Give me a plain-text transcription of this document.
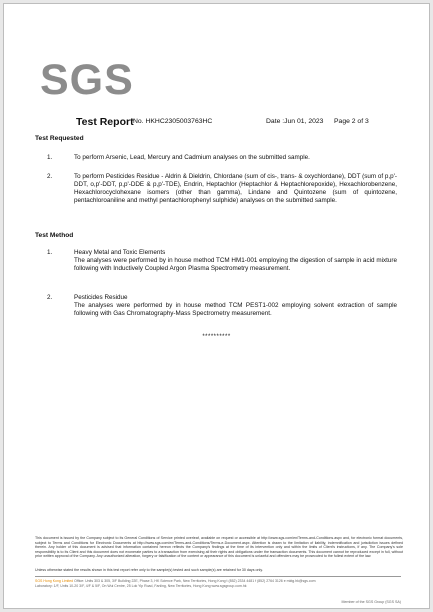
SGS
Test Report No. HKHC2305003763HC	Date :Jun 01, 2023 Page 2 of 3
Test Requested
1.	To perform Arsenic, Lead, Mercury and Cadmium analyses on the submitted sample.
2.	To perform Pesticides Residue - Aldrin & Dieldrin, Chlordane (sum of cis-, trans- & oxychlordane), DDT (sum of p,p'-DDT, o,p'-DDT, p,p'-DDE & p,p'-TDE), Endrin, Heptachlor (Heptachlor & Heptachlorepoxide), Hexachlorobenzene, Hexachlorocyclohexane isomers (other than gamma), Lindane and Quintozene (sum of quintozene, pentachloroaniline and methyl pentachlorophenyl sulphide) analyses on the submitted sample.
Test Method
1.	Heavy Metal and Toxic Elements
The analyses were performed by in house method TCM HM1-001 employing the digestion of sample in acid mixture following with Inductively Coupled Argon Plasma Spectrometry measurement.
2.	Pesticides Residue
The analyses were performed by in house method TCM PEST1-002 employing solvent extraction of sample following with Gas Chromatography-Mass Spectrometry measurement.
**********
This document is issued by the Company subject to its General Conditions of Service printed overleaf, available on request or accessible at http://www.sgs.com/en/Terms-and-Conditions.aspx and, for electronic format documents, subject to Terms and Conditions for Electronic Documents at http://www.sgs.com/en/Terms-and-Conditions/Terms-e-Document.aspx. Attention is drawn to the limitation of liability, indemnification and jurisdiction issues defined therein. Any holder of this document is advised that information contained hereon reflects the Company's findings at the time of its intervention only and within the limits of Client's instructions, if any. The Company's sole responsibility is to its Client and this document does not exonerate parties to a transaction from exercising all their rights and obligations under the transaction documents. This document cannot be reproduced except in full, without prior written approval of the Company. Any unauthorized alteration, forgery or falsification of the content or appearance of this document is unlawful and offenders may be prosecuted to the fullest extent of the law.
Unless otherwise stated the results shown in this test report refer only to the sample(s) tested and such sample(s) are retained for 30 days only.
SGS Hong Kong Limited Office: Units 303 & 305, 3/F Building 22E, Phase 3, HK Science Park, New Territories, Hong Kong t (852) 2334 4481 f (852) 2764 3126 e mktg.hk@sgs.com
Laboratory: 1/F, Units 10-20 3/F, 4/F & 5/F, On Wui Centre, 25 Lok Yip Road, Fanling, New Territories, Hong Kong www.sgsgroup.com.hk
Member of the SGS Group (SGS SA)
